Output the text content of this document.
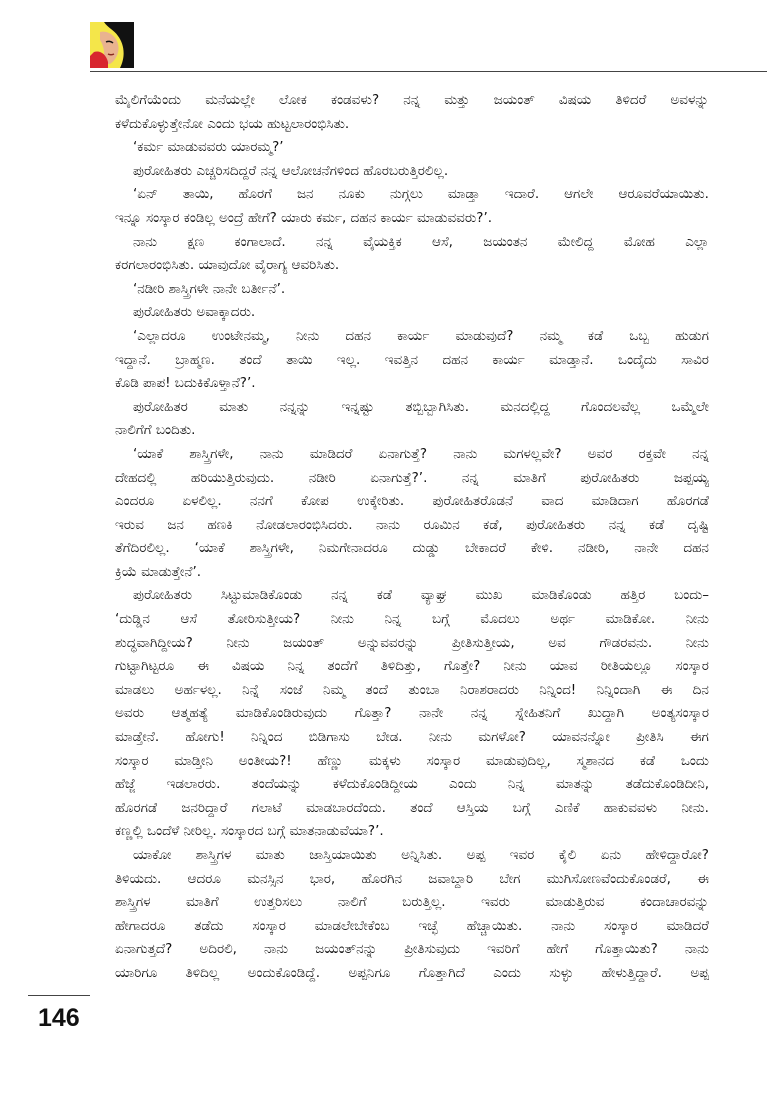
ಮೈಲಿಗೆಯೆಂದು ಮನೆಯಲ್ಲೇ ಲೋಕ ಕಂಡವಳು? ನನ್ನ ಮತ್ತು ಜಯಂತ್ ವಿಷಯ ತಿಳಿದರೆ ಅವಳನ್ನು
ಕಳೆದುಕೊಳ್ಳುತ್ತೇನೋ ಎಂದು ಭಯ ಹುಟ್ಟಲಾರಂಭಿಸಿತು.
‘ಕರ್ಮ ಮಾಡುವವರು ಯಾರಮ್ಮ?’
ಪುರೋಹಿತರು ಎಚ್ಚರಿಸದಿದ್ದರೆ ನನ್ನ ಆಲೋಚನೆಗಳಿಂದ ಹೊರಬರುತ್ತಿರಲಿಲ್ಲ.
‘ಏನ್ ತಾಯಿ, ಹೊರಗೆ ಜನ ನೂಕು ನುಗ್ಗಲು ಮಾಡ್ತಾ ಇದಾರೆ. ಆಗಲೇ ಆರೂವರೆಯಾಯಿತು.
ಇನ್ನೂ ಸಂಸ್ಕಾರ ಕಂಡಿಲ್ಲ ಅಂದ್ರೆ ಹೇಗೆ? ಯಾರು ಕರ್ಮ, ದಹನ ಕಾರ್ಯ ಮಾಡುವವರು?’.
ನಾನು ಕ್ಷಣ ಕಂಗಾಲಾದೆ. ನನ್ನ ವೈಯಕ್ತಿಕ ಆಸೆ, ಜಯಂತನ ಮೇಲಿದ್ದ ಮೋಹ ಎಲ್ಲಾ
ಕರಗಲಾರಂಭಿಸಿತು. ಯಾವುದೋ ವೈರಾಗ್ಯ ಆವರಿಸಿತು.
‘ನಡೀರಿ ಶಾಸ್ತ್ರಿಗಳೇ ನಾನೇ ಬರ್ತೀನೆ’.
ಪುರೋಹಿತರು ಅವಾಕ್ಕಾದರು.
‘ಎಲ್ಲಾದರೂ ಉಂಟೇನಮ್ಮ, ನೀನು ದಹನ ಕಾರ್ಯ ಮಾಡುವುದೆ? ನಮ್ಮ ಕಡೆ ಒಬ್ಬ ಹುಡುಗ
ಇದ್ದಾನೆ. ಬ್ರಾಹ್ಮಣ. ತಂದೆ ತಾಯಿ ಇಲ್ಲ. ಇವತ್ತಿನ ದಹನ ಕಾರ್ಯ ಮಾಡ್ತಾನೆ. ಒಂದೈದು ಸಾವಿರ
ಕೊಡಿ ಪಾಪ! ಬದುಕಿಕೊಳ್ತಾನೆ?’.
ಪುರೋಹಿತರ ಮಾತು ನನ್ನನ್ನು ಇನ್ನಷ್ಟು ತಬ್ಬಿಬ್ಬಾಗಿಸಿತು. ಮನದಲ್ಲಿದ್ದ ಗೊಂದಲವೆಲ್ಲ ಒಮ್ಮೆಲೇ
ನಾಲಿಗೆಗೆ ಬಂದಿತು.
‘ಯಾಕೆ ಶಾಸ್ತ್ರಿಗಳೇ, ನಾನು ಮಾಡಿದರೆ ಏನಾಗುತ್ತೆ? ನಾನು ಮಗಳಲ್ಲವೇ? ಅವರ ರಕ್ತವೇ ನನ್ನ
ದೇಹದಲ್ಲಿ	ಹರಿಯುತ್ತಿರುವುದು.	ನಡೀರಿ	ಏನಾಗುತ್ತೆ?’.	ನನ್ನ	ಮಾತಿಗೆ	ಪುರೋಹಿತರು	ಜಪ್ಪಯ್ಯ
ಎಂದರೂ ಏಳಲಿಲ್ಲ. ನನಗೆ ಕೋಪ ಉಕ್ಕೇರಿತು. ಪುರೋಹಿತರೊಡನೆ ವಾದ ಮಾಡಿದಾಗ ಹೊರಗಡೆ
ಇರುವ ಜನ ಹಣಕಿ ನೋಡಲಾರಂಭಿಸಿದರು. ನಾನು ರೂಮಿನ ಕಡೆ, ಪುರೋಹಿತರು ನನ್ನ ಕಡೆ ದೃಷ್ಟಿ
ತೆಗೆದಿರಲಿಲ್ಲ. ‘ಯಾಕೆ ಶಾಸ್ತ್ರಿಗಳೇ, ನಿಮಗೇನಾದರೂ ದುಡ್ಡು ಬೇಕಾದರೆ ಕೇಳಿ. ನಡೀರಿ, ನಾನೇ ದಹನ
ಕ್ರಿಯೆ ಮಾಡುತ್ತೇನೆ’.
ಪುರೋಹಿತರು ಸಿಟ್ಟುಮಾಡಿಕೊಂಡು ನನ್ನ ಕಡೆ ವ್ಯಾಘ್ರ ಮುಖ ಮಾಡಿಕೊಂಡು ಹತ್ತಿರ ಬಂದು–
‘ದುಡ್ಡಿನ ಆಸೆ ತೋರಿಸುತ್ತೀಯ? ನೀನು ನಿನ್ನ ಬಗ್ಗೆ ಮೊದಲು ಅರ್ಥ ಮಾಡಿಕೋ. ನೀನು
ಶುದ್ಧವಾಗಿದ್ದೀಯ? ನೀನು ಜಯಂತ್ ಅನ್ನುವವರನ್ನು ಪ್ರೀತಿಸುತ್ತೀಯ, ಅವ ಗೌಡರವನು. ನೀನು
ಗುಟ್ಟಾಗಿಟ್ಟರೂ ಈ ವಿಷಯ ನಿನ್ನ ತಂದೆಗೆ ತಿಳಿದಿತ್ತು, ಗೊತ್ತೇ? ನೀನು ಯಾವ ರೀತಿಯಲ್ಲೂ ಸಂಸ್ಕಾರ
ಮಾಡಲು ಅರ್ಹಳಲ್ಲ. ನಿನ್ನೆ ಸಂಜೆ ನಿಮ್ಮ ತಂದೆ ತುಂಬಾ ನಿರಾಶರಾದರು ನಿನ್ನಿಂದ! ನಿನ್ನಿಂದಾಗಿ ಈ ದಿನ
ಅವರು ಆತ್ಮಹತ್ಯೆ ಮಾಡಿಕೊಂಡಿರುವುದು ಗೊತ್ತಾ? ನಾನೇ ನನ್ನ ಸ್ನೇಹಿತನಿಗೆ ಖುದ್ದಾಗಿ ಅಂತ್ಯಸಂಸ್ಕಾರ
ಮಾಡ್ತೇನೆ. ಹೋಗು! ನಿನ್ನಿಂದ ಬಿಡಿಗಾಸು ಬೇಡ. ನೀನು ಮಗಳೋ? ಯಾವನನ್ನೋ ಪ್ರೀತಿಸಿ ಈಗ
ಸಂಸ್ಕಾರ ಮಾಡ್ತೀನಿ ಅಂತೀಯ?! ಹೆಣ್ಣು ಮಕ್ಕಳು ಸಂಸ್ಕಾರ ಮಾಡುವುದಿಲ್ಲ, ಸ್ಮಶಾನದ ಕಡೆ ಒಂದು
ಹೆಜ್ಜೆ ಇಡಲಾರರು. ತಂದೆಯನ್ನು ಕಳೆದುಕೊಂಡಿದ್ದೀಯ ಎಂದು ನಿನ್ನ ಮಾತನ್ನು ತಡೆದುಕೊಂಡಿದೀನಿ,
ಹೊರಗಡೆ ಜನರಿದ್ದಾರೆ ಗಲಾಟೆ ಮಾಡಬಾರದೆಂದು. ತಂದೆ ಆಸ್ತಿಯ ಬಗ್ಗೆ ಎಣಿಕೆ ಹಾಕುವವಳು ನೀನು.
ಕಣ್ಣಲ್ಲಿ ಒಂದೆಳೆ ನೀರಿಲ್ಲ. ಸಂಸ್ಕಾರದ ಬಗ್ಗೆ ಮಾತನಾಡುವೆಯಾ?’.
ಯಾಕೋ ಶಾಸ್ತ್ರಿಗಳ ಮಾತು ಜಾಸ್ತಿಯಾಯಿತು ಅನ್ನಿಸಿತು. ಅಪ್ಪ ಇವರ ಕೈಲಿ ಏನು ಹೇಳಿದ್ದಾರೋ?
ತಿಳಿಯದು. ಆದರೂ ಮನಸ್ಸಿನ ಭಾರ, ಹೊರಗಿನ ಜವಾಬ್ದಾರಿ ಬೇಗ ಮುಗಿಸೋಣವೆಂದುಕೊಂಡರೆ, ಈ
ಶಾಸ್ತ್ರಿಗಳ	ಮಾತಿಗೆ	ಉತ್ತರಿಸಲು	ನಾಲಿಗೆ	ಬರುತ್ತಿಲ್ಲ.	ಇವರು	ಮಾಡುತ್ತಿರುವ	ಕಂದಾಚಾರವನ್ನು
ಹೇಗಾದರೂ ತಡೆದು ಸಂಸ್ಕಾರ ಮಾಡಲೇಬೇಕೆಂಬ ಇಚ್ಛೆ ಹೆಚ್ಚಾಯಿತು. ನಾನು ಸಂಸ್ಕಾರ ಮಾಡಿದರೆ
ಏನಾಗುತ್ತದೆ? ಅದಿರಲಿ, ನಾನು ಜಯಂತ್‌ನನ್ನು ಪ್ರೀತಿಸುವುದು ಇವರಿಗೆ ಹೇಗೆ ಗೊತ್ತಾಯಿತು? ನಾನು
ಯಾರಿಗೂ ತಿಳಿದಿಲ್ಲ ಅಂದುಕೊಂಡಿದ್ದೆ. ಅಪ್ಪನಿಗೂ ಗೊತ್ತಾಗಿದೆ ಎಂದು ಸುಳ್ಳು ಹೇಳುತ್ತಿದ್ದಾರೆ. ಅಪ್ಪ
146
